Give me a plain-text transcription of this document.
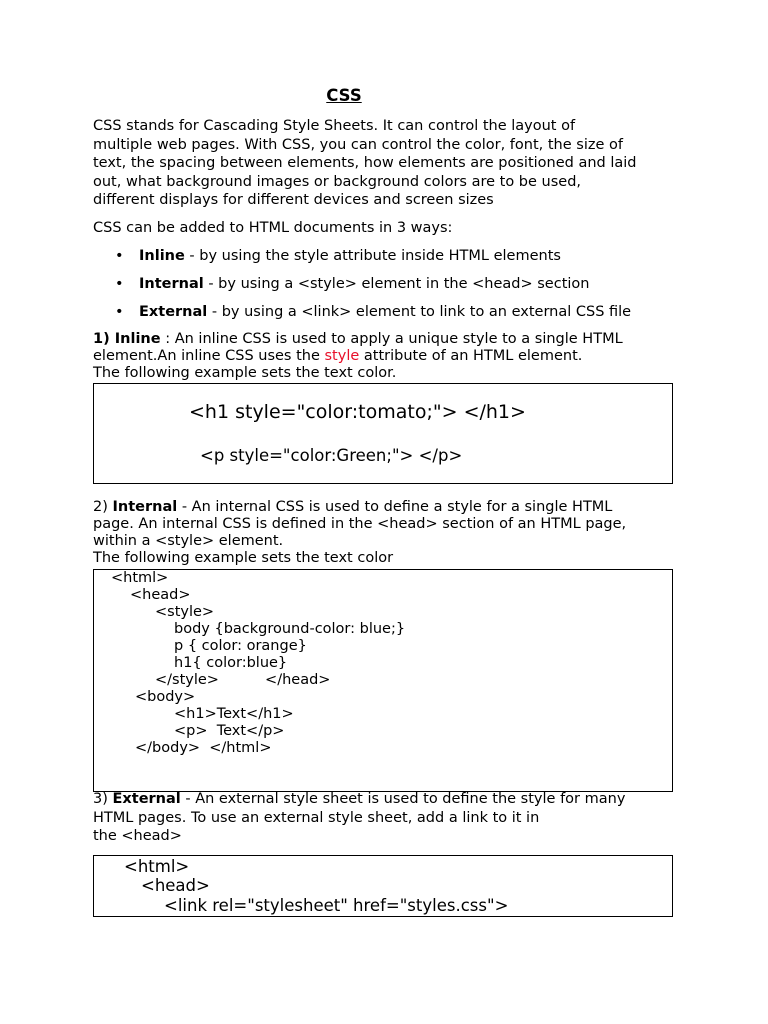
CSS
CSS stands for Cascading Style Sheets. It can control the layout of
multiple web pages. With CSS, you can control the color, font, the size of
text, the spacing between elements, how elements are positioned and laid
out, what background images or background colors are to be used,
different displays for different devices and screen sizes
CSS can be added to HTML documents in 3 ways:
• Inline - by using the style attribute inside HTML elements
• Internal - by using a <style> element in the <head> section
• External - by using a <link> element to link to an external CSS file
1) Inline : An inline CSS is used to apply a unique style to a single HTML
element.An inline CSS uses the style attribute of an HTML element.
The following example sets the text color.
<h1 style="color:tomato;"> </h1>
<p style="color:Green;"> </p>
2) Internal - An internal CSS is used to define a style for a single HTML
page. An internal CSS is defined in the <head> section of an HTML page,
within a <style> element.
The following example sets the text color
<html>
<head>
<style>
body {background-color: blue;}
p { color: orange}
h1{ color:blue}
</style>          </head>
<body>
<h1>Text</h1>
<p>  Text</p>
</body>  </html>
3) External - An external style sheet is used to define the style for many
HTML pages. To use an external style sheet, add a link to it in
the <head>
<html>
<head>
<link rel="stylesheet" href="styles.css">
